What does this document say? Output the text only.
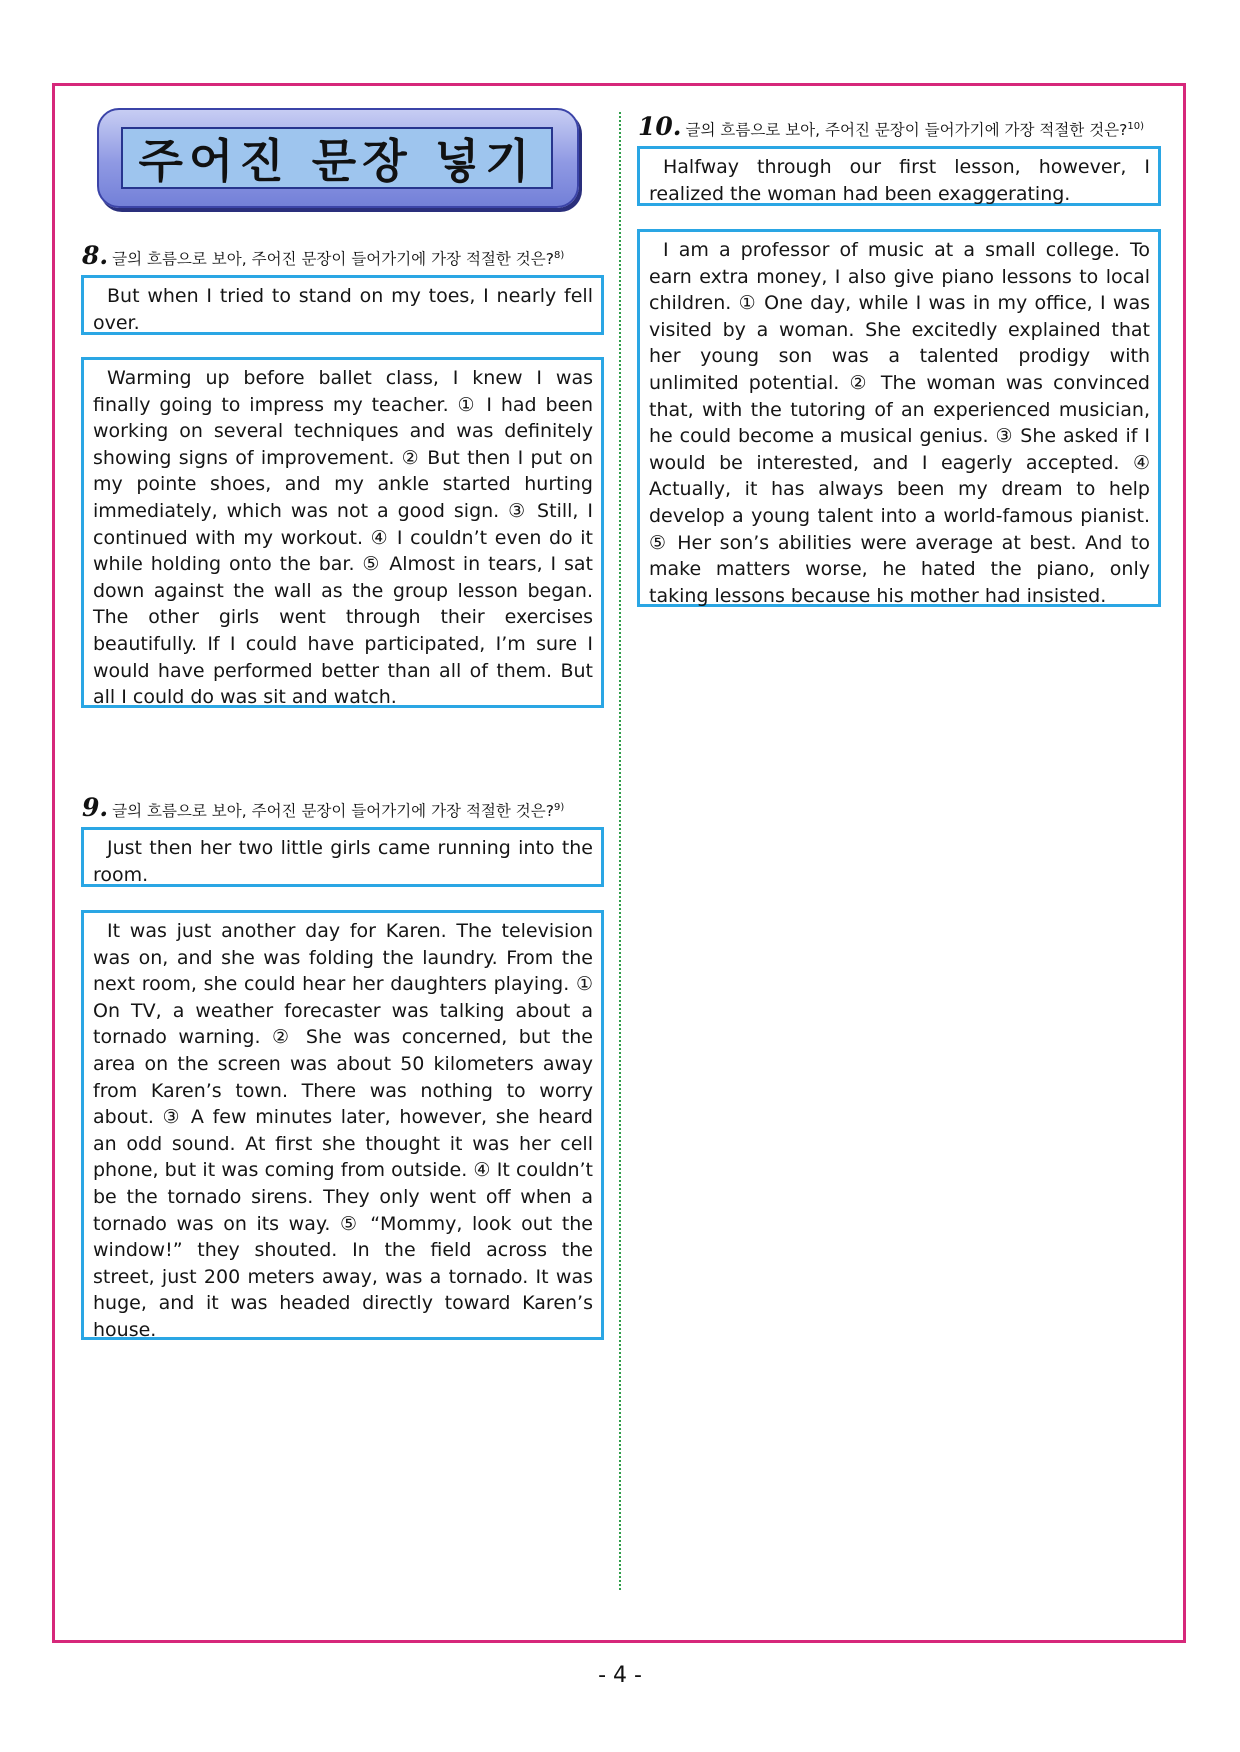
주어진 문장 넣기
8. 글의 흐름으로 보아, 주어진 문장이 들어가기에 가장 적절한 것은?$^{8)}$
But when I tried to stand on my toes, I nearly fell over.
Warming up before ballet class, I knew I was finally going to impress my teacher. ① I had been working on several techniques and was definitely showing signs of improvement. ② But then I put on my pointe shoes, and my ankle started hurting immediately, which was not a good sign. ③ Still, I continued with my workout. ④ I couldn’t even do it while holding onto the bar. ⑤ Almost in tears, I sat down against the wall as the group lesson began. The other girls went through their exercises beautifully. If I could have participated, I’m sure I would have performed better than all of them. But all I could do was sit and watch.
9. 글의 흐름으로 보아, 주어진 문장이 들어가기에 가장 적절한 것은?$^{9)}$
Just then her two little girls came running into the room.
It was just another day for Karen. The television was on, and she was folding the laundry. From the next room, she could hear her daughters playing. ① On TV, a weather forecaster was talking about a tornado warning. ② She was concerned, but the area on the screen was about 50 kilometers away from Karen’s town. There was nothing to worry about. ③ A few minutes later, however, she heard an odd sound. At first she thought it was her cell phone, but it was coming from outside. ④ It couldn’t be the tornado sirens. They only went off when a tornado was on its way. ⑤ “Mommy, look out the window!” they shouted. In the field across the street, just 200 meters away, was a tornado. It was huge, and it was headed directly toward Karen’s house.
10. 글의 흐름으로 보아, 주어진 문장이 들어가기에 가장 적절한 것은?$^{10)}$
Halfway through our first lesson, however, I realized the woman had been exaggerating.
I am a professor of music at a small college. To earn extra money, I also give piano lessons to local children. ① One day, while I was in my office, I was visited by a woman. She excitedly explained that her young son was a talented prodigy with unlimited potential. ② The woman was convinced that, with the tutoring of an experienced musician, he could become a musical genius. ③ She asked if I would be interested, and I eagerly accepted. ④ Actually, it has always been my dream to help develop a young talent into a world-famous pianist. ⑤ Her son’s abilities were average at best. And to make matters worse, he hated the piano, only taking lessons because his mother had insisted.
- 4 -
